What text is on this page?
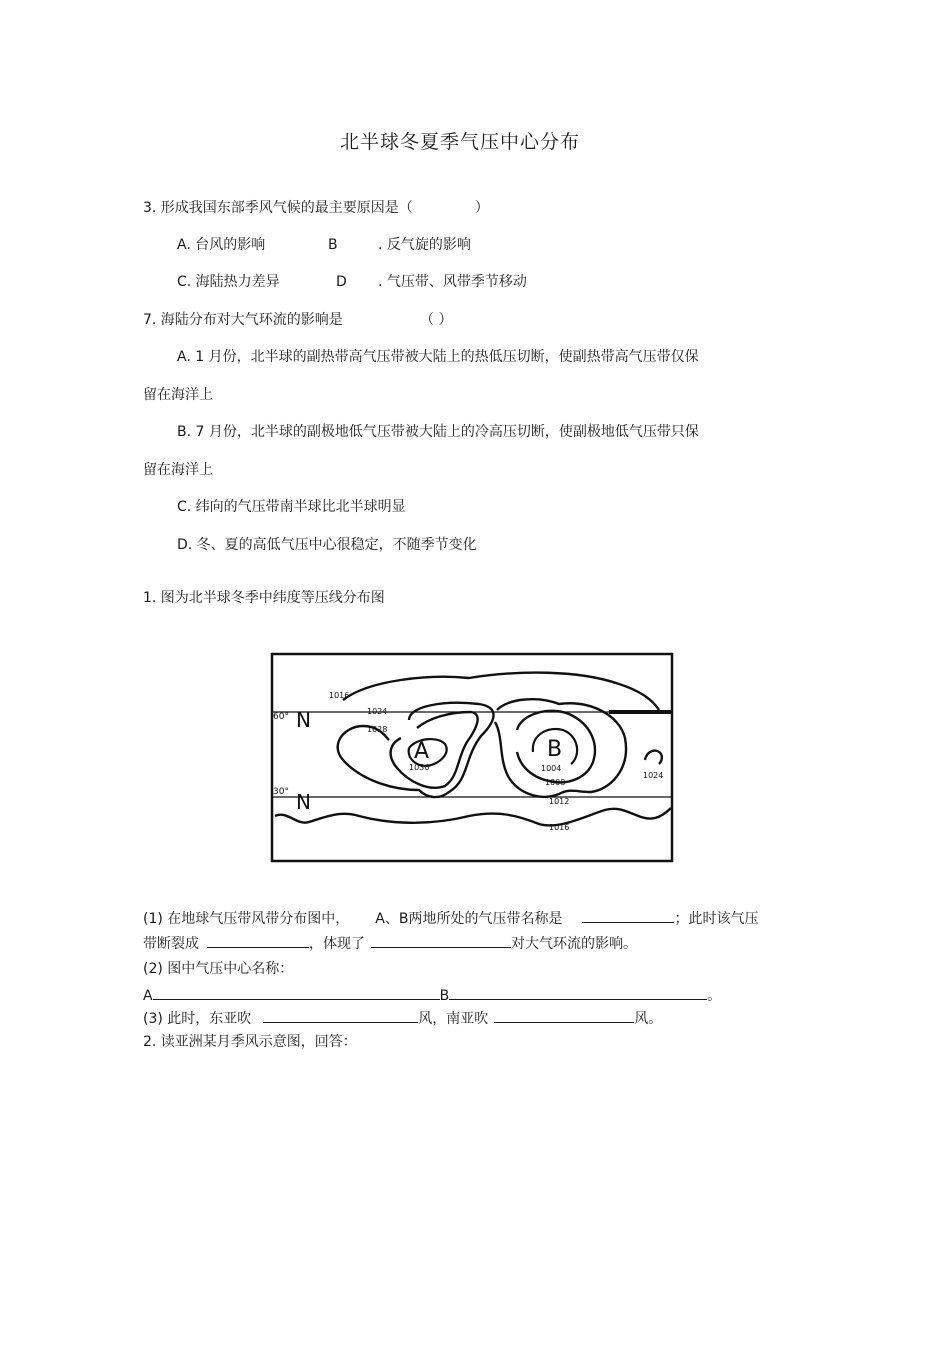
北半球冬夏季气压中心分布
3. 形成我国东部季风气候的最主要原因是（	）
A. 台风的影响	B	. 反气旋的影响
C. 海陆热力差异	D . 气压带、风带季节移动
7. 海陆分布对大气环流的影响是	（ ）
A. 1 月份，北半球的副热带高气压带被大陆上的热低压切断，使副热带高气压带仅保
留在海洋上
B. 7 月份，北半球的副极地低气压带被大陆上的冷高压切断，使副极地低气压带只保
留在海洋上
C. 纬向的气压带南半球比北半球明显
D. 冬、夏的高低气压中心很稳定，不随季节变化
1. 图为北半球冬季中纬度等压线分布图
60°
30°
N
N
A	B
1016
1024
1028
1036	1004
1008
1012
1016
1024
(1) 在地球气压带风带分布图中， A、B两地所处的气压带名称是	；此时该气压
带断裂成	，体现了	对大气环流的影响。
(2) 图中气压中心名称：
A	B	。
(3) 此时，东亚吹	风，南亚吹	风。
2. 读亚洲某月季风示意图，回答：
